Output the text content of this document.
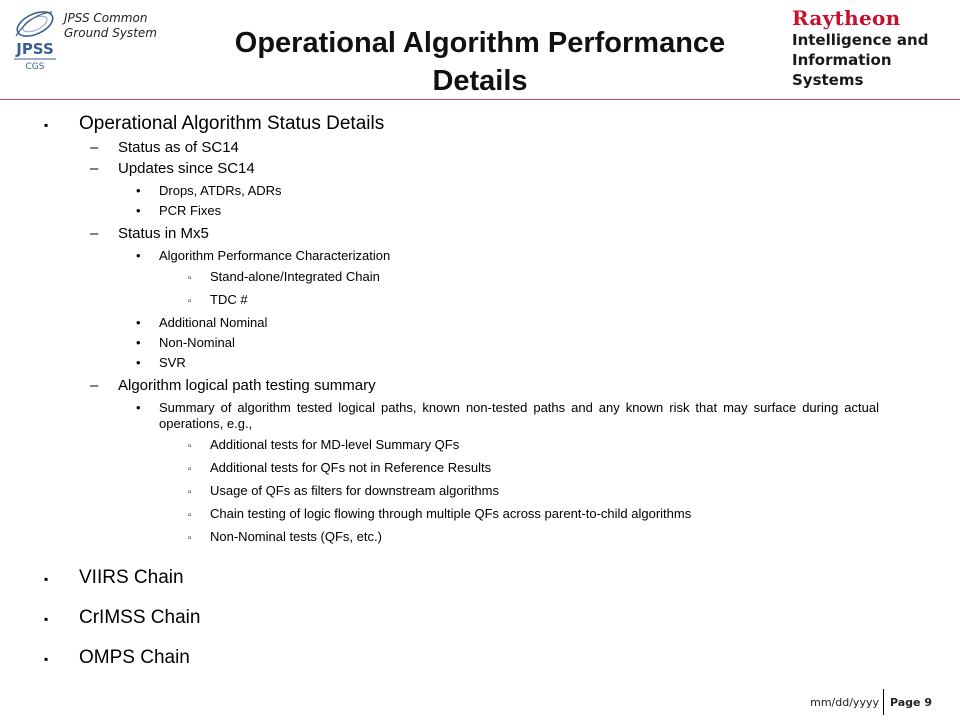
JPSS
CGS
JPSS Common
Ground System	Operational Algorithm Performance
Details
Raytheon
Intelligence and
Information Systems
▪	Operational Algorithm Status Details
–	Status as of SC14
–	Updates since SC14
•	Drops, ATDRs, ADRs
•	PCR Fixes
–	Status in Mx5
•	Algorithm Performance Characterization
▫	Stand-alone/Integrated Chain
▫	TDC #
•	Additional Nominal
•	Non-Nominal
•	SVR
–	Algorithm logical path testing summary
•	Summary of algorithm tested logical paths, known non-tested paths and any known risk that may surface during actual operations, e.g.,
▫	Additional tests for MD-level Summary QFs
▫	Additional tests for QFs not in Reference Results
▫	Usage of QFs as filters for downstream algorithms
▫	Chain testing of logic flowing through multiple QFs across parent-to-child algorithms
▫	Non-Nominal tests (QFs, etc.)
▪	VIIRS Chain
▪	CrIMSS Chain
▪	OMPS Chain
mm/dd/yyyy	Page 9
